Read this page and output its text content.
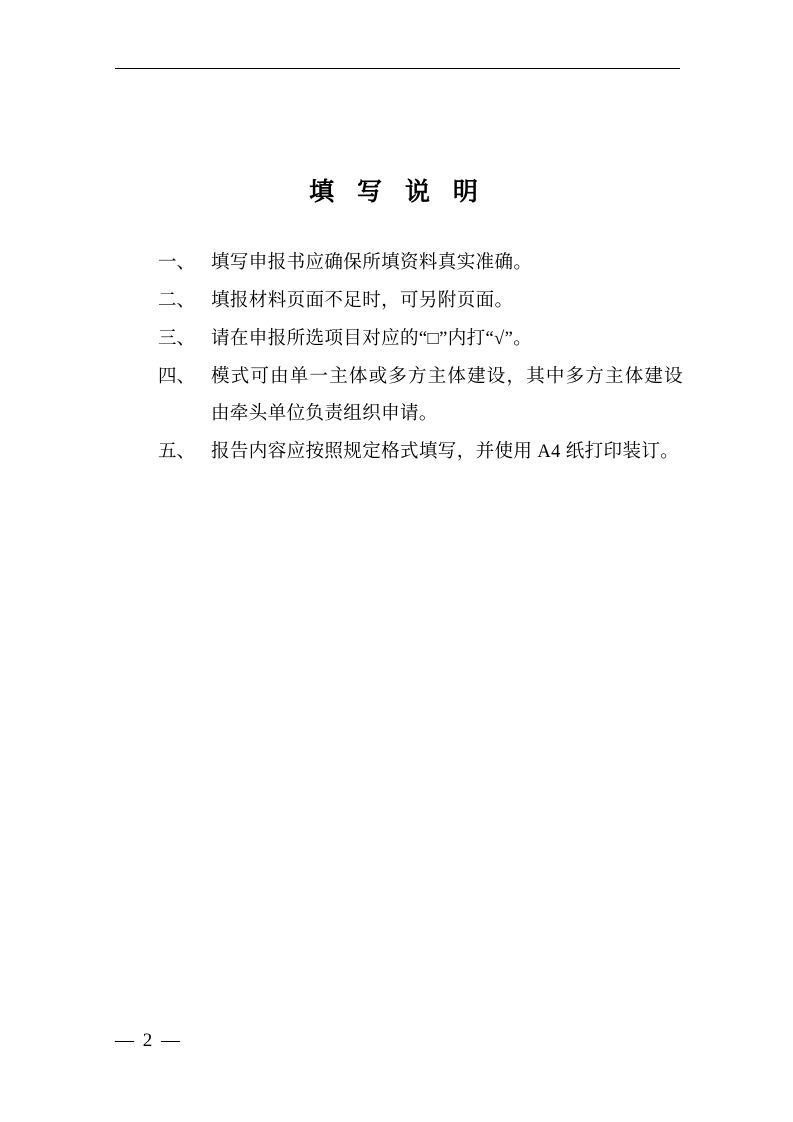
填 写 说 明
一、 填写申报书应确保所填资料真实准确。
二、 填报材料页面不足时，可另附页面。
三、 请在申报所选项目对应的“□”内打“√”。
四、 模式可由单一主体或多方主体建设，其中多方主体建设由牵头单位负责组织申请。
五、 报告内容应按照规定格式填写，并使用 A4 纸打印装订。
— 2 —
